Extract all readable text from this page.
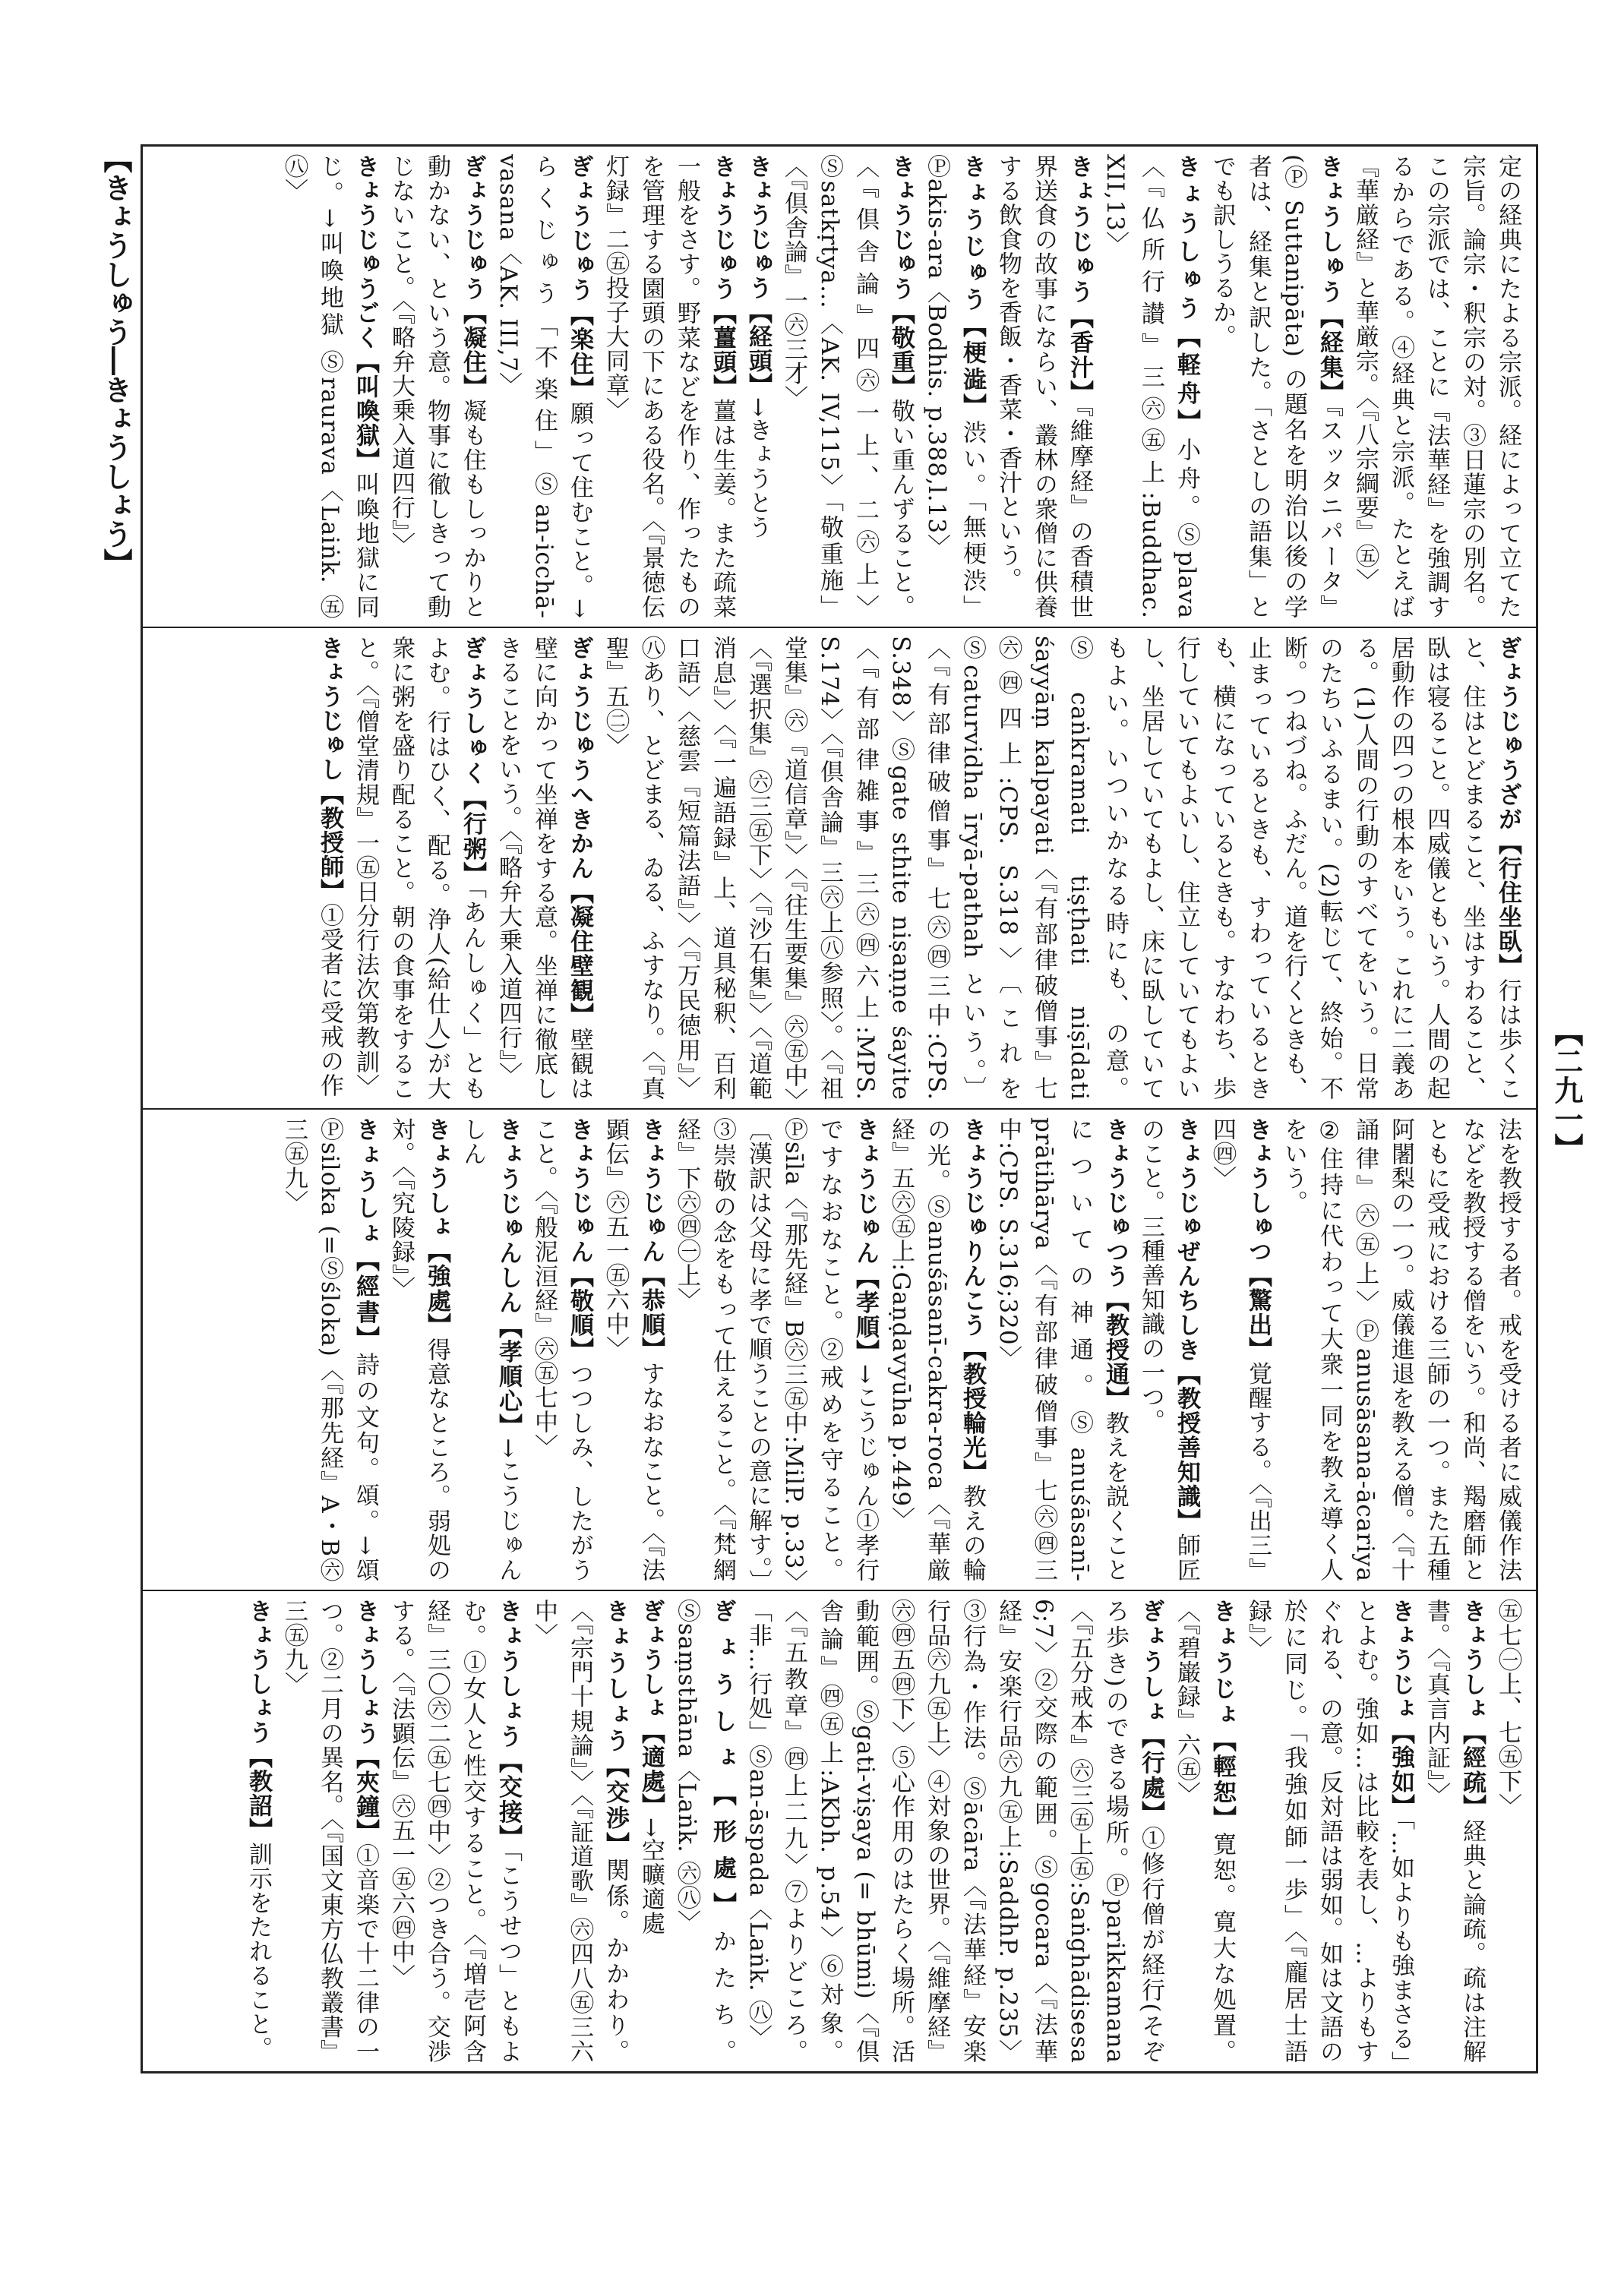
【きょうしゅう―きょうしょう】
【二九一】
定の経典にたよる宗派。経によって立てた宗旨。論宗・釈宗の対。③日蓮宗の別名。この宗派では、ことに『法華経』を強調するからである。④経典と宗派。たとえば『華厳経』と華厳宗。〈『八宗綱要』㊄〉
きょうしゅう【経集】『スッタニパータ』(Ⓟ Suttanipāta) の題名を明治以後の学者は、経集と訳した。「さとしの語集」とでも訳しうるか。
きょうしゅう【軽舟】小舟。Ⓢplava〈『仏所行讃』三㊅㊄上:Buddhac. XII,13〉
きょうじゅう【香汁】『維摩経』の香積世界送食の故事にならい、叢林の衆僧に供養する飲食物を香飯・香菜・香汁という。
きょうじゅう【梗澁】渋い。「無梗渋」Ⓟakis-ara〈Bodhis. p.388,l.13〉
きょうじゅう【敬重】敬い重んずること。〈『倶舎論』四㊅一上、二㊅上〉Ⓢsatkṛtya…〈AK. IV,115〉「敬重施」〈『倶舎論』一㊅三才〉
きょうじゅう【経頭】→きょうとう
きょうじゅう【薑頭】薑は生姜。また疏菜一般をさす。野菜などを作り、作ったものを管理する園頭の下にある役名。〈『景徳伝灯録』二㊄投子大同章〉
ぎょうじゅう【楽住】願って住むこと。→らくじゅう「不楽住」Ⓢan-icchā-vasana〈AK. III,7〉
ぎょうじゅう【凝住】凝も住もしっかりと動かない、という意。物事に徹しきって動じないこと。〈『略弁大乗入道四行』〉
きょうじゅうごく【叫喚獄】叫喚地獄に同じ。→叫喚地獄 Ⓢraurava〈Laiṅk. ㊄㊇〉
ぎょうじゅうざが【行住坐臥】行は歩くこと、住はとどまること、坐はすわること、臥は寝ること。四威儀ともいう。人間の起居動作の四つの根本をいう。これに二義ある。(1)人間の行動のすべてをいう。日常のたちいふるまい。(2)転じて、終始。不断。つねづね。ふだん。道を行くときも、止まっているときも、すわっているときも、横になっているときも。すなわち、歩行していてもよいし、住立していてもよいし、坐居していてもよし、床に臥していてもよい。いついかなる時にも、の意。Ⓢcaṅkramati tiṣṭhati niṣīdati śayyāṃ kalpayati〈『有部律破僧事』七㊅㊃四上:CPS. S.318〉〔これをⓈcaturvidha īryā-pathah という。〕〈『有部律破僧事』七㊅㊃三中:CPS. S.348〉Ⓢgate sthite niṣaṇṇe śayite〈『有部律雑事』三㊅㊃六上:MPS. S.174〉〈『倶舎論』三㊅上㊇参照〉。〈『祖堂集』㊅『道信章』〉〈『往生要集』㊅㊄中〉〈『選択集』㊅三㊄下〉〈『沙石集』〉〈『道範消息』〉〈『一遍語録』上、道具秘釈、百利口語〉〈慈雲『短篇法語』〉〈『万民徳用』〉㊇あり、とどまる、ゐる、ふすなり。〈『真聖』五㊁〉
ぎょうじゅうへきかん【凝住壁観】壁観は壁に向かって坐禅をする意。坐禅に徹底しきることをいう。〈『略弁大乗入道四行』〉
ぎょうしゅく【行粥】「あんしゅく」ともよむ。行はひく、配る。浄人(給仕人)が大衆に粥を盛り配ること。朝の食事をすること。〈『僧堂清規』一㊄日分行法次第教訓〉
きょうじゅし【教授師】①受者に受戒の作
法を教授する者。戒を受ける者に威儀作法などを教授する僧をいう。和尚、羯磨師とともに受戒における三師の一つ。また五種阿闍梨の一つ。威儀進退を教える僧。〈『十誦律』㊅㊄上〉Ⓟanusāsana-ācariya ②住持に代わって大衆一同を教え導く人をいう。
きょうしゅつ【驚出】覚醒する。〈『出三』四㊃〉
きょうじゅぜんちしき【教授善知識】師匠のこと。三種善知識の一つ。
きょうじゅつう【教授通】教えを説くことについての神通。Ⓢanuśāsanī-prātihārya〈『有部律破僧事』七㊅㊃三中:CPS. S.316;320〉
きょうじゅりんこう【教授輪光】教えの輪の光。Ⓢanuśāsanī-cakra-roca〈『華厳経』五㊅㊄上:Gaṇḍavyūha p.449〉
きょうじゅん【孝順】→こうじゅん①孝行ですなおなこと。②戒めを守ること。Ⓟsīla〈『那先経』B㊅三㊄中:MilP. p.33〉〔漢訳は父母に孝で順うことの意に解す。〕③崇敬の念をもって仕えること。〈『梵網経』下㊅㊃㊀上〉
きょうじゅん【恭順】すなおなこと。〈『法顕伝』㊅五一㊄六中〉
きょうじゅん【敬順】つつしみ、したがうこと。〈『般泥洹経』㊅㊄七中〉
きょうじゅんしん【孝順心】→こうじゅんしん
きょうしょ【強處】得意なところ。弱処の対。〈『究陵録』〉
きょうしょ【經書】詩の文句。頌。→頌 Ⓟsiloka (=Ⓢśloka)〈『那先経』A・B㊅三㊄九〉
㊄七㊀上、七㊄下〉
きょうしょ【經疏】経典と論疏。疏は注解書。〈『真言内証』〉
きょうじょ【強如】「…如よりも強まさる」とよむ。強如…は比較を表し、…よりもすぐれる、の意。反対語は弱如。如は文語の於に同じ。「我強如師一歩」〈『龐居士語録』〉
きょうじょ【輕恕】寛恕。寛大な処置。〈『碧巌録』六㊄〉
ぎょうしょ【行處】①修行僧が経行(そぞろ歩き)のできる場所。Ⓟparikkamana〈『五分戒本』㊅三㊄上㊄:Saṅghādisesa 6;7〉②交際の範囲。Ⓢgocara〈『法華経』安楽行品㊅九㊄上:SaddhP. p.235〉③行為・作法。Ⓢācāra〈『法華経』安楽行品㊅九㊄上〉④対象の世界。〈『維摩経』㊅㊃五㊃下〉⑤心作用のはたらく場所。活動範囲。Ⓢgati-viṣaya (= bhūmi)〈『倶舎論』㊃㊄上:AKbh. p.54〉⑥対象。〈『五教章』㊃上二九〉⑦よりどころ。「非…行処」Ⓢan-āspada〈Laṅk. ㊇〉
ぎょうしょ【形處】かたち。Ⓢsaṃsthāna〈Laṅk. ㊅㊇〉
ぎょうしょ【適處】→空曠適處
きょうしょう【交渉】関係。かかわり。〈『宗門十規論』〉〈『証道歌』㊅四八㊄三六中〉
きょうしょう【交接】「こうせつ」ともよむ。①女人と性交すること。〈『増壱阿含経』三〇㊅二㊄七㊃中〉②つき合う。交渉する。〈『法顕伝』㊅五一㊄六㊃中〉
きょうしょう【夾鐘】①音楽で十二律の一つ。②二月の異名。〈『国文東方仏教叢書』三㊄九〉
きょうしょう【教詔】訓示をたれること。
